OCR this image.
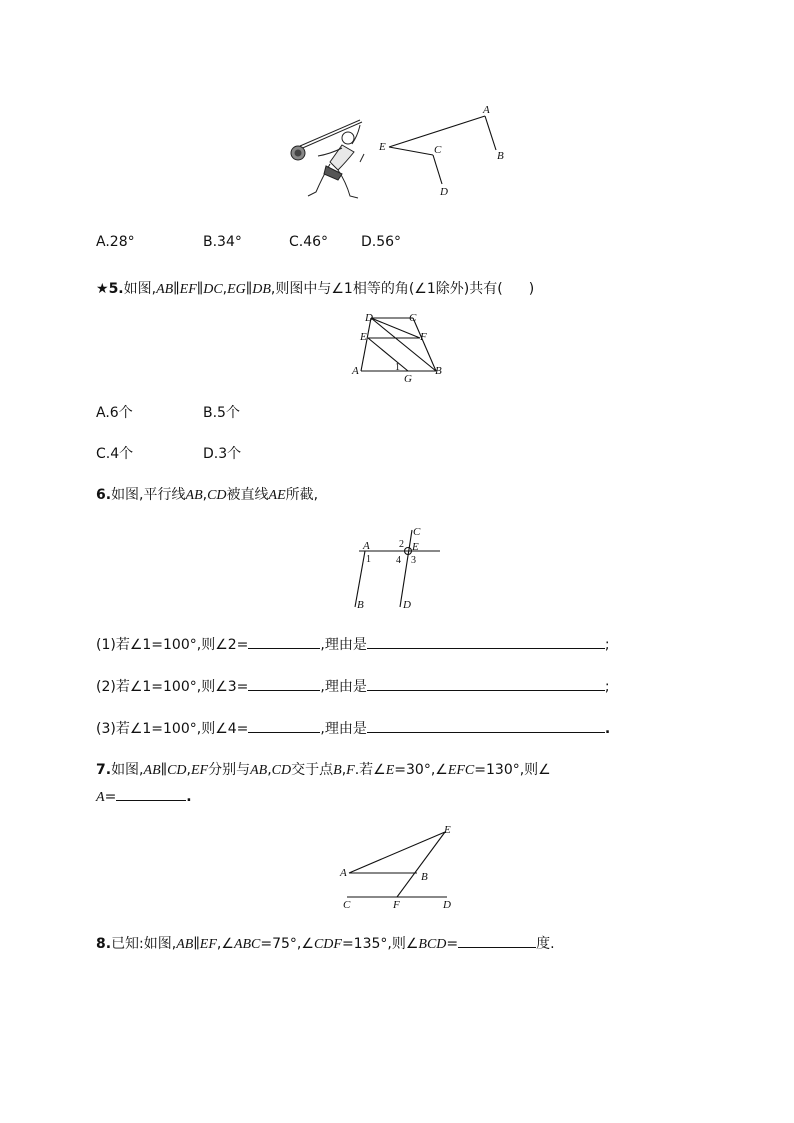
A
B
C
D
E
A.28°	B.34°	C.46° D.56°
★5.如图,AB∥EF∥DC,EG∥DB,则图中与∠1相等的角(∠1除外)共有( )
D	C
E	F
A
G
B
1
A.6个	B.5个
C.4个	D.3个
6.如图,平行线AB,CD被直线AE所截,
A
B
C
D
E
1
2
3
4
(1)若∠1=100°,则∠2=	,理由是	;
(2)若∠1=100°,则∠3=	,理由是	;
(3)若∠1=100°,则∠4=	,理由是	.
7.如图,AB∥CD,EF分别与AB,CD交于点B,F.若∠E=30°,∠EFC=130°,则∠
A=	.
E
A	B
C	F	D
8.已知:如图,AB∥EF,∠ABC=75°,∠CDF=135°,则∠BCD=	度.
